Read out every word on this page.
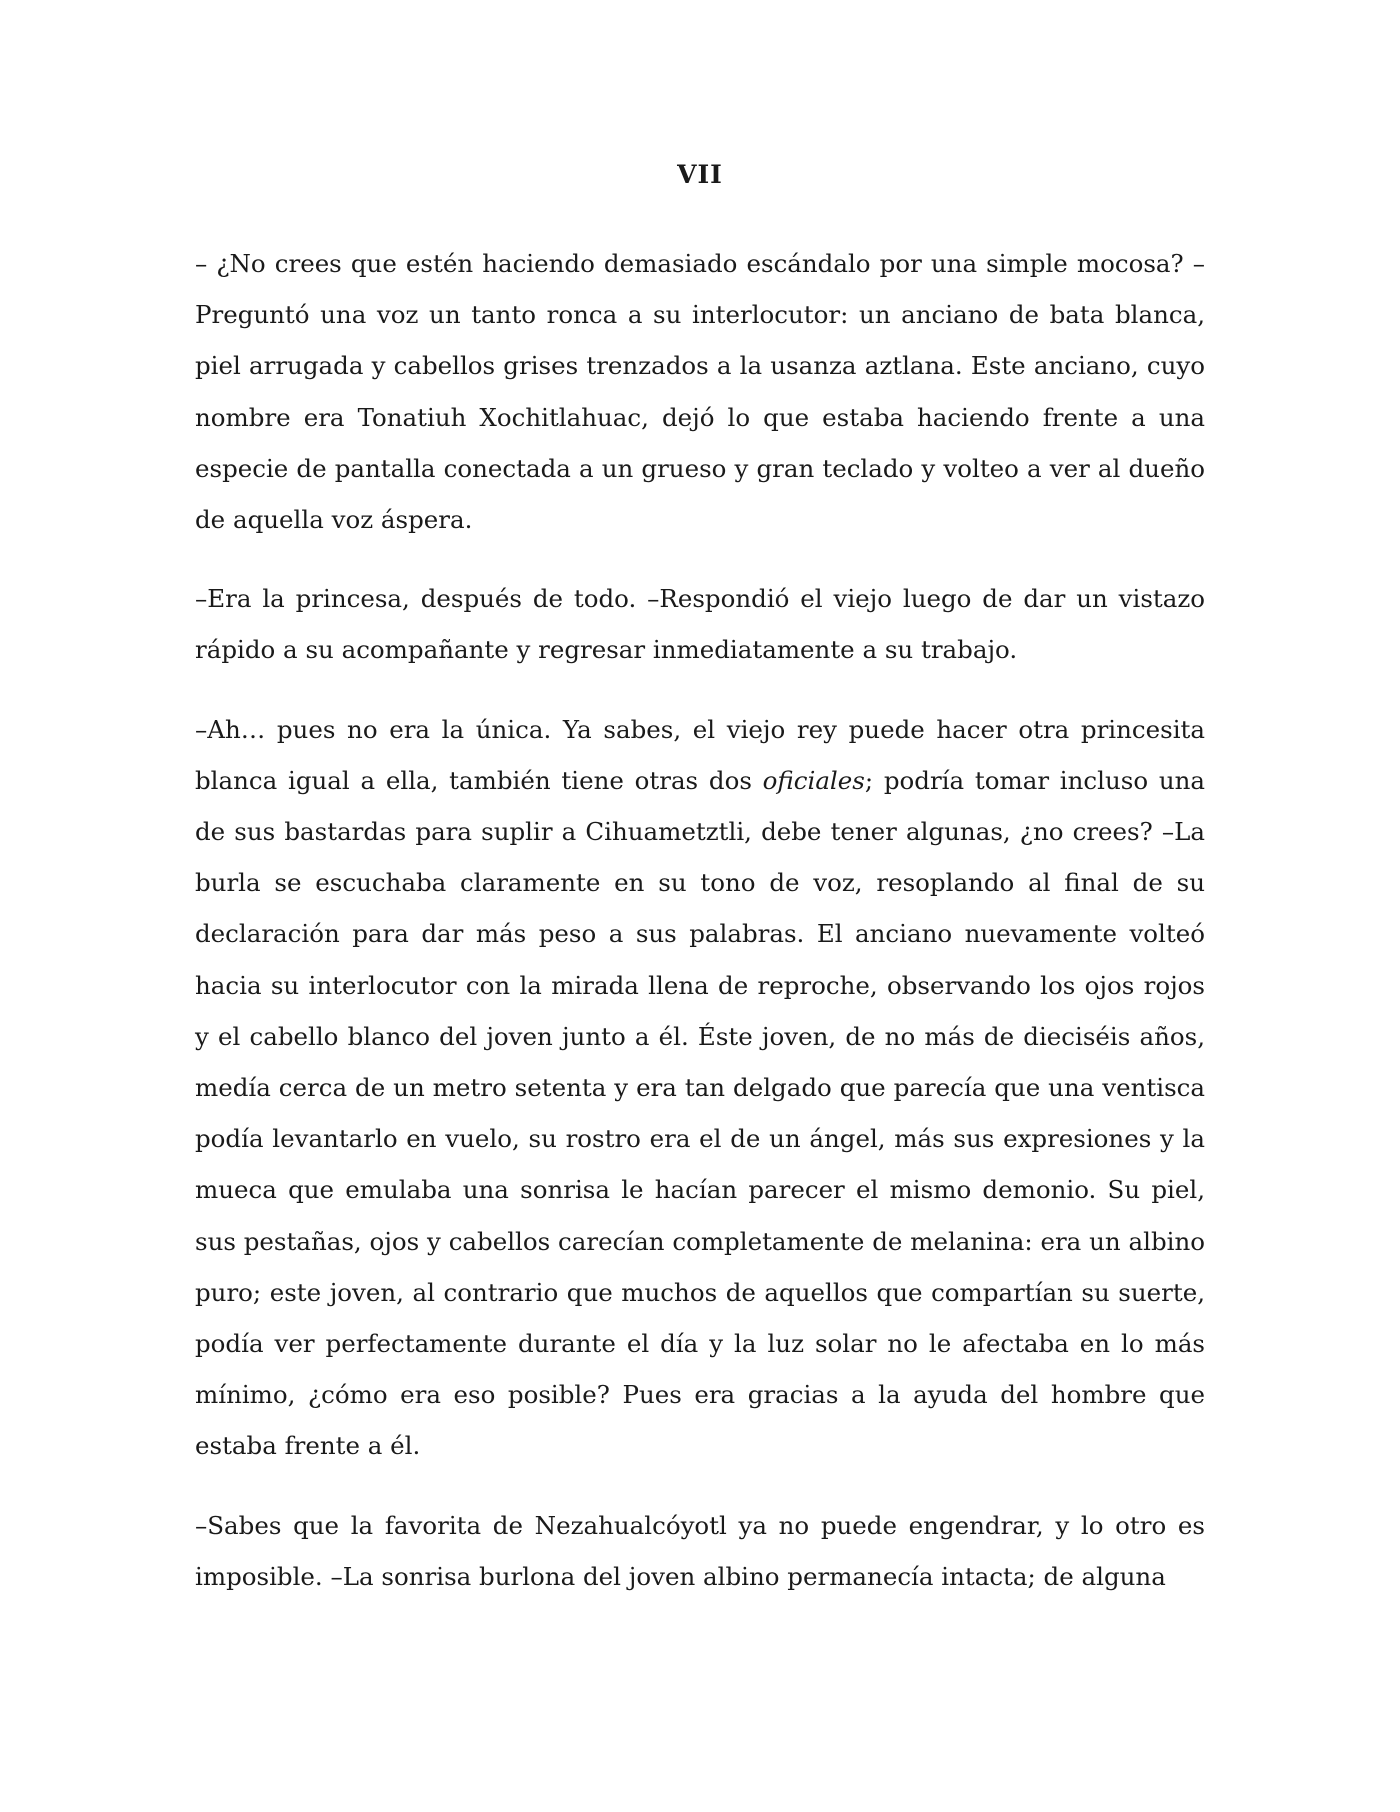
VII

– ¿No crees que estén haciendo demasiado escándalo por una simple mocosa? –Preguntó una voz un tanto ronca a su interlocutor: un anciano de bata blanca, piel arrugada y cabellos grises trenzados a la usanza aztlana. Este anciano, cuyo nombre era Tonatiuh Xochitlahuac, dejó lo que estaba haciendo frente a una especie de pantalla conectada a un grueso y gran teclado y volteo a ver al dueño de aquella voz áspera.

–Era la princesa, después de todo. –Respondió el viejo luego de dar un vistazo rápido a su acompañante y regresar inmediatamente a su trabajo.

–Ah… pues no era la única. Ya sabes, el viejo rey puede hacer otra princesita blanca igual a ella, también tiene otras dos oficiales; podría tomar incluso una de sus bastardas para suplir a Cihuametztli, debe tener algunas, ¿no crees? –La burla se escuchaba claramente en su tono de voz, resoplando al final de su declaración para dar más peso a sus palabras. El anciano nuevamente volteó hacia su interlocutor con la mirada llena de reproche, observando los ojos rojos y el cabello blanco del joven junto a él. Éste joven, de no más de dieciséis años, medía cerca de un metro setenta y era tan delgado que parecía que una ventisca podía levantarlo en vuelo, su rostro era el de un ángel, más sus expresiones y la mueca que emulaba una sonrisa le hacían parecer el mismo demonio. Su piel, sus pestañas, ojos y cabellos carecían completamente de melanina: era un albino puro; este joven, al contrario que muchos de aquellos que compartían su suerte, podía ver perfectamente durante el día y la luz solar no le afectaba en lo más mínimo, ¿cómo era eso posible? Pues era gracias a la ayuda del hombre que estaba frente a él.

–Sabes que la favorita de Nezahualcóyotl ya no puede engendrar, y lo otro es imposible. –La sonrisa burlona del joven albino permanecía intacta; de alguna
